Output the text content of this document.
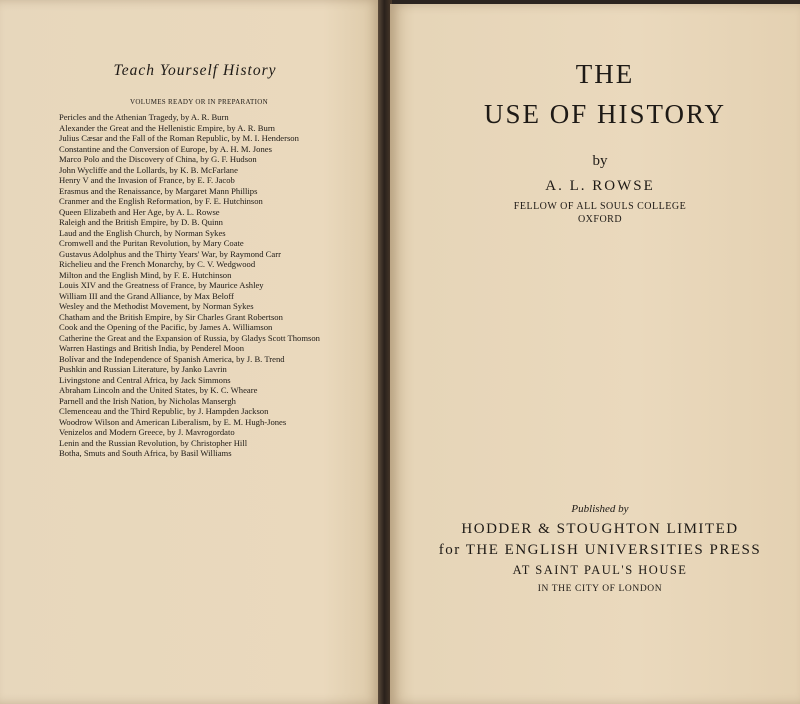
Teach Yourself History
VOLUMES READY OR IN PREPARATION
Pericles and the Athenian Tragedy, by A. R. Burn
Alexander the Great and the Hellenistic Empire, by A. R. Burn
Julius Cæsar and the Fall of the Roman Republic, by M. I. Henderson
Constantine and the Conversion of Europe, by A. H. M. Jones
Marco Polo and the Discovery of China, by G. F. Hudson
John Wycliffe and the Lollards, by K. B. McFarlane
Henry V and the Invasion of France, by E. F. Jacob
Erasmus and the Renaissance, by Margaret Mann Phillips
Cranmer and the English Reformation, by F. E. Hutchinson
Queen Elizabeth and Her Age, by A. L. Rowse
Raleigh and the British Empire, by D. B. Quinn
Laud and the English Church, by Norman Sykes
Cromwell and the Puritan Revolution, by Mary Coate
Gustavus Adolphus and the Thirty Years' War, by Raymond Carr
Richelieu and the French Monarchy, by C. V. Wedgwood
Milton and the English Mind, by F. E. Hutchinson
Louis XIV and the Greatness of France, by Maurice Ashley
William III and the Grand Alliance, by Max Beloff
Wesley and the Methodist Movement, by Norman Sykes
Chatham and the British Empire, by Sir Charles Grant Robertson
Cook and the Opening of the Pacific, by James A. Williamson
Catherine the Great and the Expansion of Russia, by Gladys Scott Thomson
Warren Hastings and British India, by Penderel Moon
Bolívar and the Independence of Spanish America, by J. B. Trend
Pushkin and Russian Literature, by Janko Lavrin
Livingstone and Central Africa, by Jack Simmons
Abraham Lincoln and the United States, by K. C. Wheare
Parnell and the Irish Nation, by Nicholas Mansergh
Clemenceau and the Third Republic, by J. Hampden Jackson
Woodrow Wilson and American Liberalism, by E. M. Hugh-Jones
Venizelos and Modern Greece, by J. Mavrogordato
Lenin and the Russian Revolution, by Christopher Hill
Botha, Smuts and South Africa, by Basil Williams
THE
USE OF HISTORY
by
A. L. ROWSE
FELLOW OF ALL SOULS COLLEGE
OXFORD
Published by
HODDER & STOUGHTON LIMITED
for THE ENGLISH UNIVERSITIES PRESS
AT SAINT PAUL'S HOUSE
IN THE CITY OF LONDON
